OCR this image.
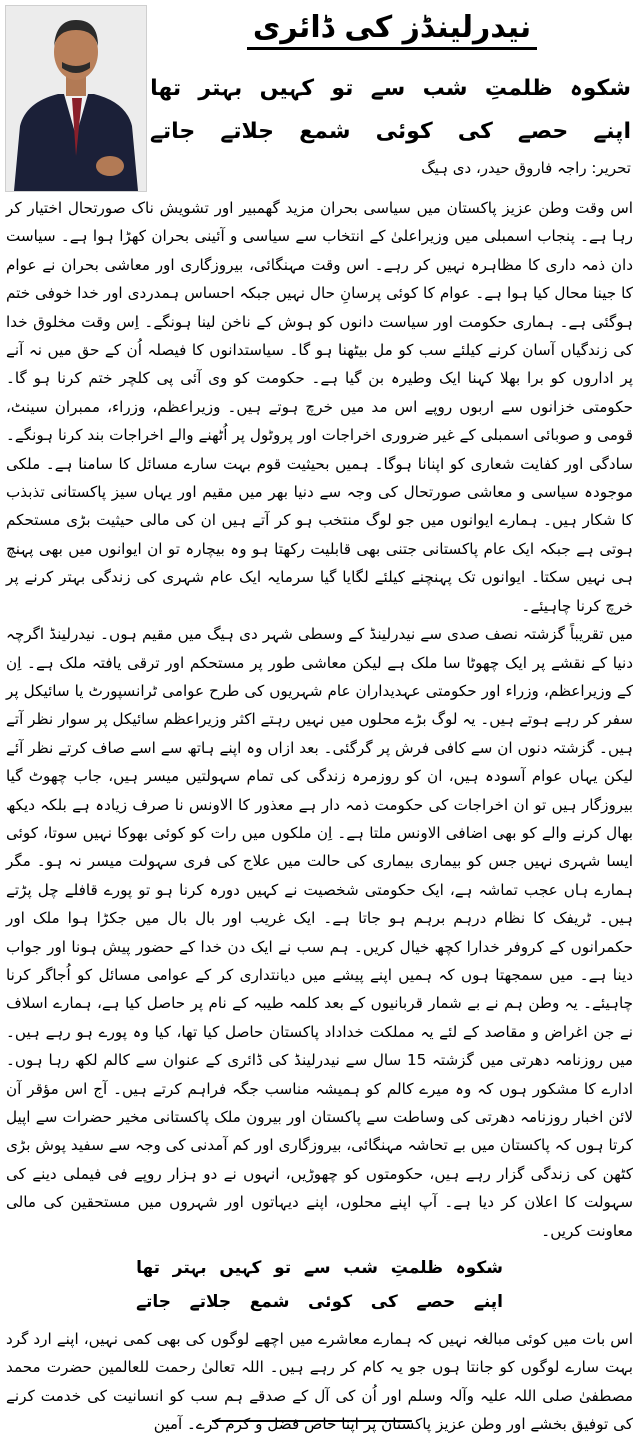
نیدرلینڈز کی ڈائری
شکوہ
ظلمتِ
شب
سے
تو
کہیں
بہتر
تھا
اپنے
حصے
کی
کوئی
شمع
جلاتے
جاتے
تحریر: راجہ فاروق حیدر، دی ہیگ

اس وقت وطن عزیز پاکستان میں سیاسی بحران مزید گھمبیر اور تشویش ناک صورتحال اختیار کر رہا ہے۔ پنجاب اسمبلی میں وزیراعلیٰ کے انتخاب سے سیاسی و آئینی بحران کھڑا ہوا ہے۔ سیاست دان ذمہ داری کا مظاہرہ نہیں کر رہے۔ اس وقت مہنگائی، بیروزگاری اور معاشی بحران نے عوام کا جینا محال کیا ہوا ہے۔ عوام کا کوئی پرسانِ حال نہیں جبکہ احساس ہمدردی اور خدا خوفی ختم ہوگئی ہے۔ ہماری حکومت اور سیاست دانوں کو ہوش کے ناخن لینا ہونگے۔ اِس وقت مخلوق خدا کی زندگیاں آسان کرنے کیلئے سب کو مل بیٹھنا ہو گا۔ سیاستدانوں کا فیصلہ اُن کے حق میں نہ آنے پر اداروں کو برا بھلا کہنا ایک وطیرہ بن گیا ہے۔ حکومت کو وی آئی پی کلچر ختم کرنا ہو گا۔ حکومتی خزانوں سے اربوں روپے اس مد میں خرچ ہوتے ہیں۔ وزیراعظم، وزراء، ممبران سینٹ، قومی و صوبائی اسمبلی کے غیر ضروری اخراجات اور پروٹول پر اُٹھنے والے اخراجات بند کرنا ہونگے۔ سادگی اور کفایت شعاری کو اپنانا ہوگا۔ ہمیں بحیثیت قوم بہت سارے مسائل کا سامنا ہے۔ ملکی موجودہ سیاسی و معاشی صورتحال کی وجہ سے دنیا بھر میں مقیم اور یہاں سیز پاکستانی تذبذب کا شکار ہیں۔ ہمارے ایوانوں میں جو لوگ منتخب ہو کر آتے ہیں ان کی مالی حیثیت بڑی مستحکم ہوتی ہے جبکہ ایک عام پاکستانی جتنی بھی قابلیت رکھتا ہو وہ بیچارہ تو ان ایوانوں میں بھی پہنچ ہی نہیں سکتا۔ ایوانوں تک پہنچنے کیلئے لگایا گیا سرمایہ ایک عام شہری کی زندگی بہتر کرنے پر خرچ کرنا چاہیئے۔

میں تقریباً گزشتہ نصف صدی سے نیدرلینڈ کے وسطی شہر دی ہیگ میں مقیم ہوں۔ نیدرلینڈ اگرچہ دنیا کے نقشے پر ایک چھوٹا سا ملک ہے لیکن معاشی طور پر مستحکم اور ترقی یافتہ ملک ہے۔ اِن کے وزیراعظم، وزراء اور حکومتی عہدیداران عام شہریوں کی طرح عوامی ٹرانسپورٹ یا سائیکل پر سفر کر رہے ہوتے ہیں۔ یہ لوگ بڑے محلوں میں نہیں رہتے اکثر وزیراعظم سائیکل پر سوار نظر آتے ہیں۔ گزشتہ دنوں ان سے کافی فرش پر گرگئی۔ بعد ازاں وہ اپنے ہاتھ سے اسے صاف کرتے نظر آئے لیکن یہاں عوام آسودہ ہیں، ان کو روزمرہ زندگی کی تمام سہولتیں میسر ہیں، جاب چھوٹ گیا بیروزگار ہیں تو ان اخراجات کی حکومت ذمہ دار ہے معذور کا الاونس نا صرف زیادہ ہے بلکہ دیکھ بھال کرنے والے کو بھی اضافی الاونس ملتا ہے۔ اِن ملکوں میں رات کو کوئی بھوکا نہیں سوتا، کوئی ایسا شہری نہیں جس کو بیماری بیماری کی حالت میں علاج کی فری سہولت میسر نہ ہو۔ مگر ہمارے ہاں عجب تماشہ ہے، ایک حکومتی شخصیت نے کہیں دورہ کرنا ہو تو پورے قافلے چل پڑتے ہیں۔ ٹریفک کا نظام درہم برہم ہو جاتا ہے۔ ایک غریب اور بال بال میں جکڑا ہوا ملک اور حکمرانوں کے کروفر خدارا کچھ خیال کریں۔ ہم سب نے ایک دن خدا کے حضور پیش ہونا اور جواب دینا ہے۔ میں سمجھتا ہوں کہ ہمیں اپنے پیشے میں دیانتداری کر کے عوامی مسائل کو اُجاگر کرنا چاہیئے۔ یہ وطن ہم نے بے شمار قربانیوں کے بعد کلمہ طیبہ کے نام پر حاصل کیا ہے، ہمارے اسلاف نے جن اغراض و مقاصد کے لئے یہ مملکت خداداد پاکستان حاصل کیا تھا، کیا وہ پورے ہو رہے ہیں۔ میں روزنامہ دھرتی میں گزشتہ 15 سال سے نیدرلینڈ کی ڈائری کے عنوان سے کالم لکھ رہا ہوں۔ ادارے کا مشکور ہوں کہ وہ میرے کالم کو ہمیشہ مناسب جگہ فراہم کرتے ہیں۔ آج اس مؤقر آن لائن اخبار روزنامہ دھرتی کی وساطت سے پاکستان اور بیرون ملک پاکستانی مخیر حضرات سے اپیل کرتا ہوں کہ پاکستان میں بے تحاشہ مہنگائی، بیروزگاری اور کم آمدنی کی وجہ سے سفید پوش بڑی کٹھن کی زندگی گزار رہے ہیں، حکومتوں کو چھوڑیں، انہوں نے دو ہزار روپے فی فیملی دینے کی سہولت کا اعلان کر دیا ہے۔ آپ اپنے محلوں، اپنے دیہاتوں اور شہروں میں مستحقین کی مالی معاونت کریں۔

شکوہ
ظلمتِ
شب
سے
تو
کہیں
بہتر
تھا
اپنے
حصے
کی
کوئی
شمع
جلاتے
جاتے

اس بات میں کوئی مبالغہ نہیں کہ ہمارے معاشرے میں اچھے لوگوں کی بھی کمی نہیں، اپنے ارد گرد بہت سارے لوگوں کو جانتا ہوں جو یہ کام کر رہے ہیں۔ اللہ تعالیٰ رحمت للعالمین حضرت محمد مصطفیٰ صلی اللہ علیہ وآلہ وسلم اور اُن کی آل کے صدقے ہم سب کو انسانیت کی خدمت کرنے کی توفیق بخشے اور وطن عزیز پاکستان پر اپنا خاص فضل و کرم کرے۔ آمین
